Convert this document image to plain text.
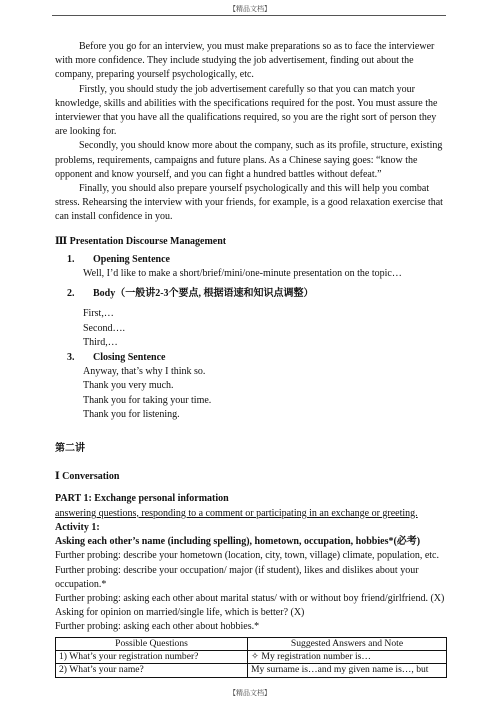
【精品文档】

Before you go for an interview, you must make preparations so as to face the interviewer with more confidence. They include studying the job advertisement, finding out about the company, preparing yourself psychologically, etc.

Firstly, you should study the job advertisement carefully so that you can match your knowledge, skills and abilities with the specifications required for the post. You must assure the interviewer that you have all the qualifications required, so you are the right sort of person they are looking for.

Secondly, you should know more about the company, such as its profile, structure, existing problems, requirements, campaigns and future plans. As a Chinese saying goes: “know the opponent and know yourself, and you can fight a hundred battles without defeat.”

Finally, you should also prepare yourself psychologically and this will help you combat stress. Rehearsing the interview with your friends, for example, is a good relaxation exercise that can install confidence in you.

Ⅲ Presentation Discourse Management

1.	Opening Sentence

Well, I’d like to make a short/brief/mini/one-minute presentation on the topic…

2.	Body（一般讲2-3个要点, 根据语速和知识点调整）

First,…

Second….

Third,…

3.	Closing Sentence

Anyway, that’s why I think so.

Thank you very much.

Thank you for taking your time.

Thank you for listening.

第二讲

Ⅰ Conversation

PART 1: Exchange personal information

answering questions, responding to a comment or participating in an exchange or greeting.

Activity 1:

Asking each other’s name (including spelling), hometown, occupation, hobbies*(必考)

Further probing: describe your hometown (location, city, town, village) climate, population, etc.

Further probing: describe your occupation/ major (if student), likes and dislikes about your occupation.*

Further probing: asking each other about marital status/ with or without boy friend/girlfriend. (X)

Asking for opinion on married/single life, which is better? (X)

Further probing: asking each other about hobbies.*

Possible Questions	Suggested Answers and Note
1) What’s your registration number?	✧ My registration number is…
2) What’s your name?	My surname is…and my given name is…, but
【精品文档】
